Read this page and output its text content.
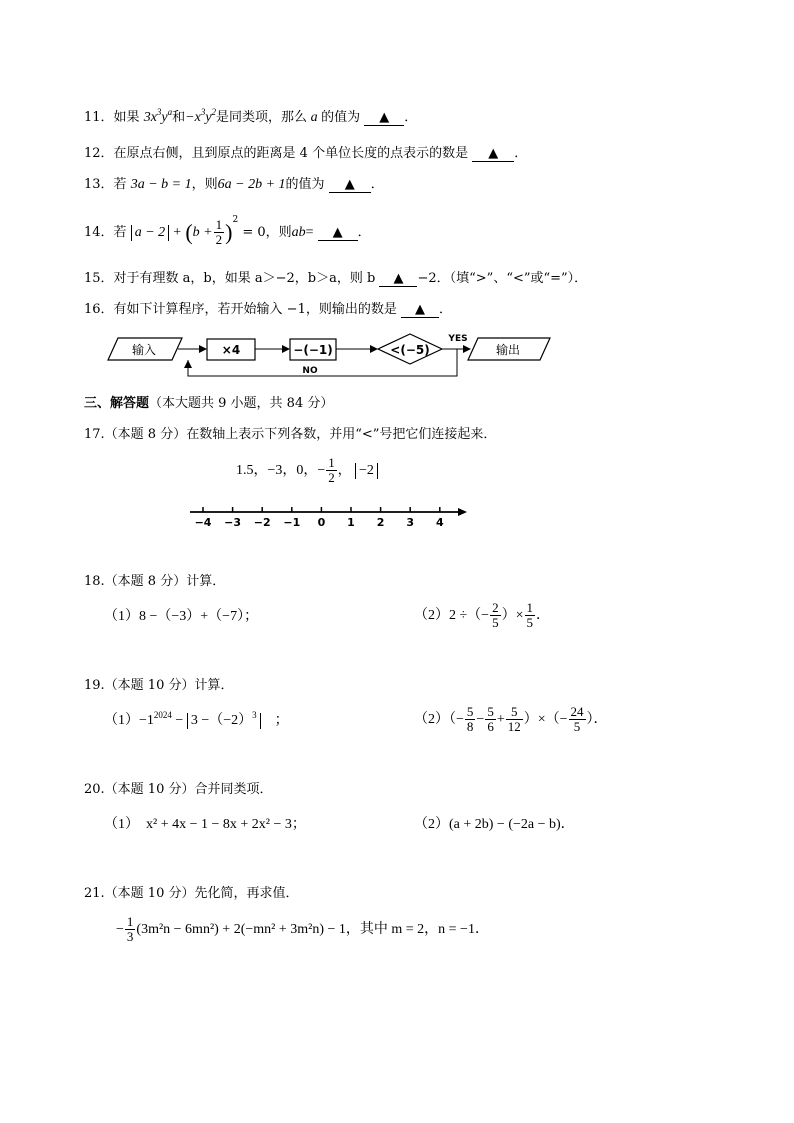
11．如果 $3x^3y^a$和$-x^3y^2$是同类项，那么 a 的值为 ▲ ．
12．在原点右侧，且到原点的距离是 4 个单位长度的点表示的数是 ▲ ．
13．若 3a − b = 1，则6a − 2b + 1的值为 ▲ ．
14．若 $a - 2 + (b + \frac{1}{2} )^2 = 0$，则ab= ▲ ．
15．对于有理数 a，b，如果 a＞−2，b＞a，则 b ▲ −2．（填“>”、“<”或“=”）．
16．有如下计算程序，若开始输入 −1，则输出的数是 ▲ ．
输入	×4	−(−1)	<(−5)
YES
输出
NO
三、解答题（本大题共 9 小题，共 84 分）
17.（本题 8 分）在数轴上表示下列各数，并用“<”号把它们连接起来．
1.5，−3，0，− $\frac{1}{2}$ ， −2
−4 −3 −2 −1 0 1 2 3 4
18.（本题 8 分）计算．
（1）8 −（−3）+（−7）；	（2）2 ÷（− $\frac{2}{5}$ ）× $\frac{1}{5}$ ．
19.（本题 10 分）计算．
$(1)-1^{2024} - 3 -(-2)^3$ ；	$(2)(- \frac{5}{8} - \frac{5}{6} + \frac{5}{12}$ ）×（− $\frac{24}{5}$ ）．
20.（本题 10 分）合并同类项．
（1）　x² + 4x − 1 − 8x + 2x² − 3；	（2）(a + 2b) − (−2a − b)．
21.（本题 10 分）先化简，再求值．
− $\frac{1}{3} (3m^2n - 6mn^2) + 2(-mn^2 + 3m^2n) - 1$，其中 m = 2，n = −1．
